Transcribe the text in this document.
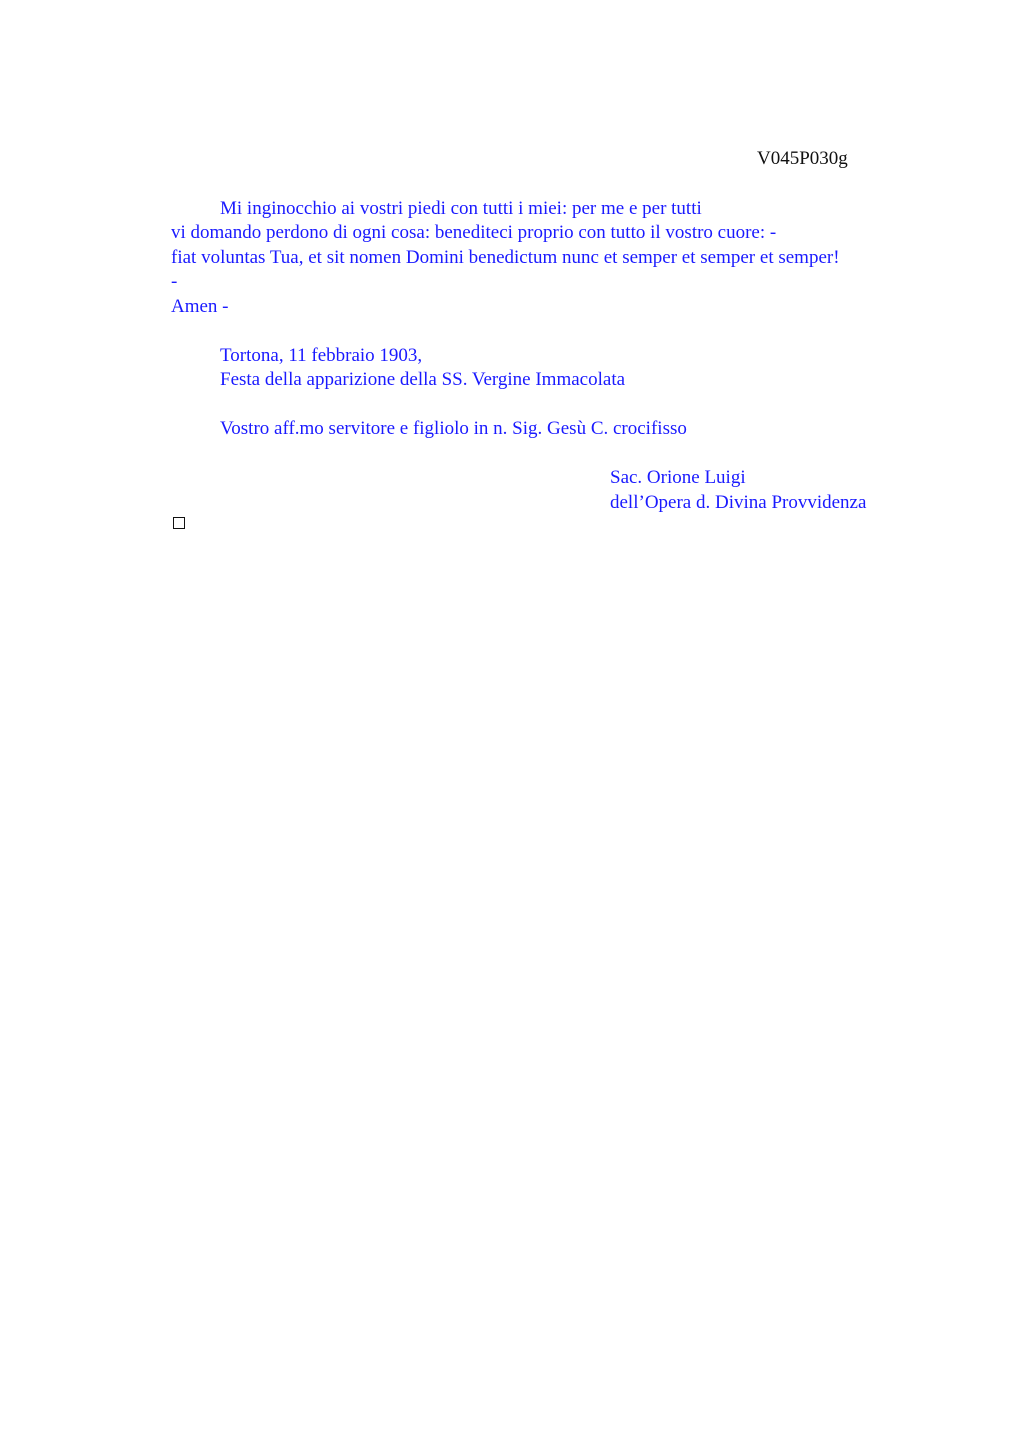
V045P030g
Mi inginocchio ai vostri piedi con tutti i miei: per me e per tutti
vi domando perdono di ogni cosa: benediteci proprio con tutto il vostro cuore: -
fiat voluntas Tua, et sit nomen Domini benedictum nunc et semper et semper et semper!
-
Amen -
Tortona, 11 febbraio 1903,
Festa della apparizione della SS. Vergine Immacolata
Vostro aff.mo servitore e figliolo in n. Sig. Gesù C. crocifisso
Sac. Orione Luigi
dell’Opera d. Divina Provvidenza
